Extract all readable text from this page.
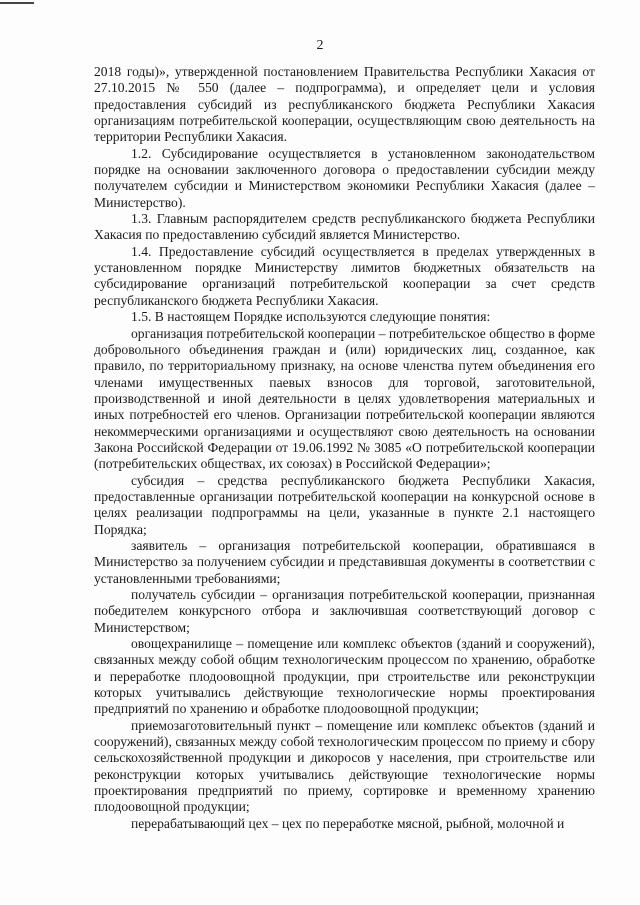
2

2018 годы)», утвержденной постановлением Правительства Республики Хакасия от 27.10.2015 № 550 (далее – подпрограмма), и определяет цели и условия предоставления субсидий из республиканского бюджета Республики Хакасия организациям потребительской кооперации, осуществляющим свою деятельность на территории Республики Хакасия.

1.2. Субсидирование осуществляется в установленном законодательством порядке на основании заключенного договора о предоставлении субсидии между получателем субсидии и Министерством экономики Республики Хакасия (далее – Министерство).

1.3. Главным распорядителем средств республиканского бюджета Республики Хакасия по предоставлению субсидий является Министерство.

1.4. Предоставление субсидий осуществляется в пределах утвержденных в установленном порядке Министерству лимитов бюджетных обязательств на субсидирование организаций потребительской кооперации за счет средств республиканского бюджета Республики Хакасия.

1.5. В настоящем Порядке используются следующие понятия:

организация потребительской кооперации – потребительское общество в форме добровольного объединения граждан и (или) юридических лиц, созданное, как правило, по территориальному признаку, на основе членства путем объединения его членами имущественных паевых взносов для торговой, заготовительной, производственной и иной деятельности в целях удовлетворения материальных и иных потребностей его членов. Организации потребительской кооперации являются некоммерческими организациями и осуществляют свою деятельность на основании Закона Российской Федерации от 19.06.1992 № 3085 «О потребительской кооперации (потребительских обществах, их союзах) в Российской Федерации»;

субсидия – средства республиканского бюджета Республики Хакасия, предоставленные организации потребительской кооперации на конкурсной основе в целях реализации подпрограммы на цели, указанные в пункте 2.1 настоящего Порядка;

заявитель – организация потребительской кооперации, обратившаяся в Министерство за получением субсидии и представившая документы в соответствии с установленными требованиями;

получатель субсидии – организация потребительской кооперации, признанная победителем конкурсного отбора и заключившая соответствующий договор с Министерством;

овощехранилище – помещение или комплекс объектов (зданий и сооружений), связанных между собой общим технологическим процессом по хранению, обработке и переработке плодоовощной продукции, при строительстве или реконструкции которых учитывались действующие технологические нормы проектирования предприятий по хранению и обработке плодоовощной продукции;

приемозаготовительный пункт – помещение или комплекс объектов (зданий и сооружений), связанных между собой технологическим процессом по приему и сбору сельскохозяйственной продукции и дикоросов у населения, при строительстве или реконструкции которых учитывались действующие технологические нормы проектирования предприятий по приему, сортировке и временному хранению плодоовощной продукции;

перерабатывающий цех – цех по переработке мясной, рыбной, молочной и
